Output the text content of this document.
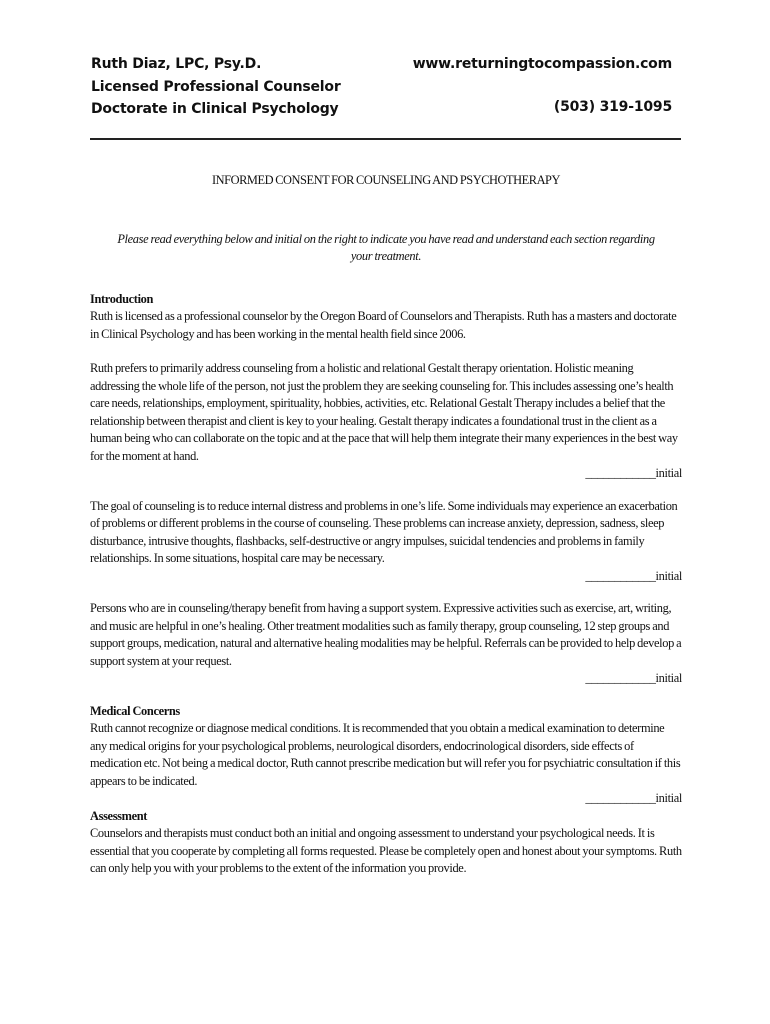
Ruth Diaz, LPC, Psy.D.
Licensed Professional Counselor
Doctorate in Clinical Psychology
www.returningtocompassion.com
(503) 319-1095

INFORMED CONSENT FOR COUNSELING AND PSYCHOTHERAPY

Please read everything below and initial on the right to indicate you have read and understand each section regarding your treatment.

Introduction

Ruth is licensed as a professional counselor by the Oregon Board of Counselors and Therapists. Ruth has a masters and doctorate in Clinical Psychology and has been working in the mental health field since 2006.

Ruth prefers to primarily address counseling from a holistic and relational Gestalt therapy orientation. Holistic meaning addressing the whole life of the person, not just the problem they are seeking counseling for. This includes assessing one’s health care needs, relationships, employment, spirituality, hobbies, activities, etc. Relational Gestalt Therapy includes a belief that the relationship between therapist and client is key to your healing. Gestalt therapy indicates a foundational trust in the client as a human being who can collaborate on the topic and at the pace that will help them integrate their many experiences in the best way for the moment at hand.

____________initial

The goal of counseling is to reduce internal distress and problems in one’s life. Some individuals may experience an exacerbation of problems or different problems in the course of counseling. These problems can increase anxiety, depression, sadness, sleep disturbance, intrusive thoughts, flashbacks, self-destructive or angry impulses, suicidal tendencies and problems in family relationships. In some situations, hospital care may be necessary.

____________initial

Persons who are in counseling/therapy benefit from having a support system. Expressive activities such as exercise, art, writing, and music are helpful in one’s healing. Other treatment modalities such as family therapy, group counseling, 12 step groups and support groups, medication, natural and alternative healing modalities may be helpful. Referrals can be provided to help develop a support system at your request.

____________initial

Medical Concerns

Ruth cannot recognize or diagnose medical conditions. It is recommended that you obtain a medical examination to determine any medical origins for your psychological problems, neurological disorders, endocrinological disorders, side effects of medication etc. Not being a medical doctor, Ruth cannot prescribe medication but will refer you for psychiatric consultation if this appears to be indicated.

____________initial

Assessment

Counselors and therapists must conduct both an initial and ongoing assessment to understand your psychological needs. It is essential that you cooperate by completing all forms requested. Please be completely open and honest about your symptoms. Ruth can only help you with your problems to the extent of the information you provide.
